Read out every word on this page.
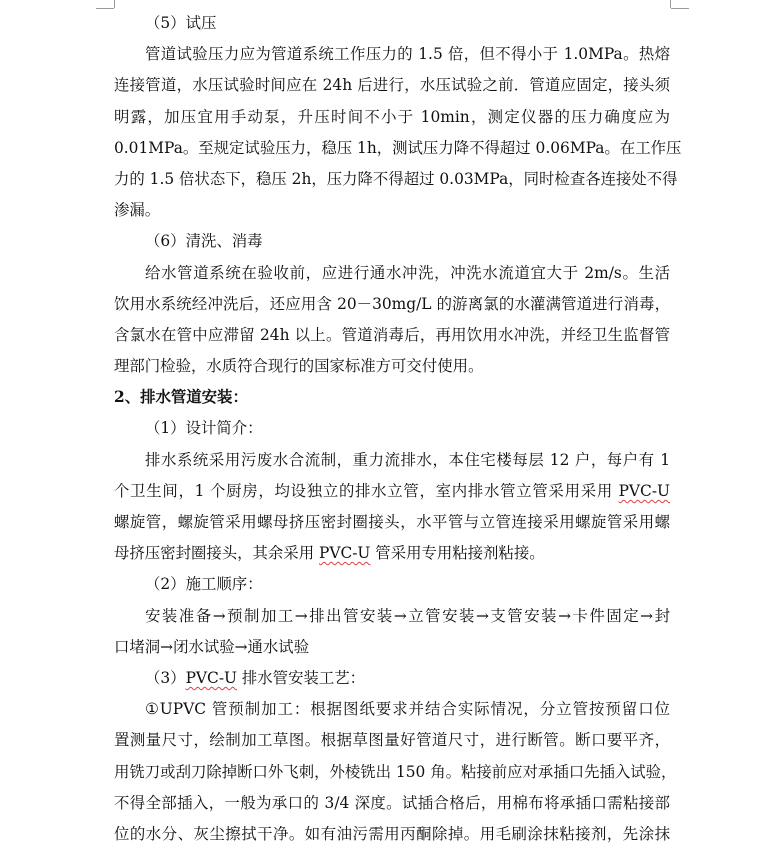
（5）试压
管道试验压力应为管道系统工作压力的 1.5 倍，但不得小于 1.0MPa。热熔
连接管道，水压试验时间应在 24h 后进行，水压试验之前．管道应固定，接头须
明露，加压宜用手动泵，升压时间不小于 10min，测定仪器的压力确度应为
0.01MPa。至规定试验压力，稳压 1h，测试压力降不得超过 0.06MPa。在工作压
力的 1.5 倍状态下，稳压 2h，压力降不得超过 0.03MPa，同时检查各连接处不得
渗漏。
（6）清洗、消毒
给水管道系统在验收前，应进行通水冲洗，冲洗水流道宜大于 2m/s。生活
饮用水系统经冲洗后，还应用含 20－30mg/L 的游离氯的水灌满管道进行消毒，
含氯水在管中应滞留 24h 以上。管道消毒后，再用饮用水冲洗，并经卫生监督管
理部门检验，水质符合现行的国家标准方可交付使用。
2、排水管道安装：
（1）设计简介：
排水系统采用污废水合流制，重力流排水，本住宅楼每层 12 户，每户有 1
个卫生间，1 个厨房，均设独立的排水立管，室内排水管立管采用采用 PVC-U
螺旋管，螺旋管采用螺母挤压密封圈接头，水平管与立管连接采用螺旋管采用螺
母挤压密封圈接头，其余采用 PVC-U 管采用专用粘接剂粘接。
（2）施工顺序：
安装准备→预制加工→排出管安装→立管安装→支管安装→卡件固定→封
口堵洞→闭水试验→通水试验
（3）PVC-U 排水管安装工艺：
①UPVC 管预制加工：根据图纸要求并结合实际情况，分立管按预留口位
置测量尺寸，绘制加工草图。根据草图量好管道尺寸，进行断管。断口要平齐，
用铣刀或刮刀除掉断口外飞刺，外棱铣出 150 角。粘接前应对承插口先插入试验，
不得全部插入，一般为承口的 3/4 深度。试插合格后，用棉布将承插口需粘接部
位的水分、灰尘擦拭干净。如有油污需用丙酮除掉。用毛刷涂抹粘接剂，先涂抹
